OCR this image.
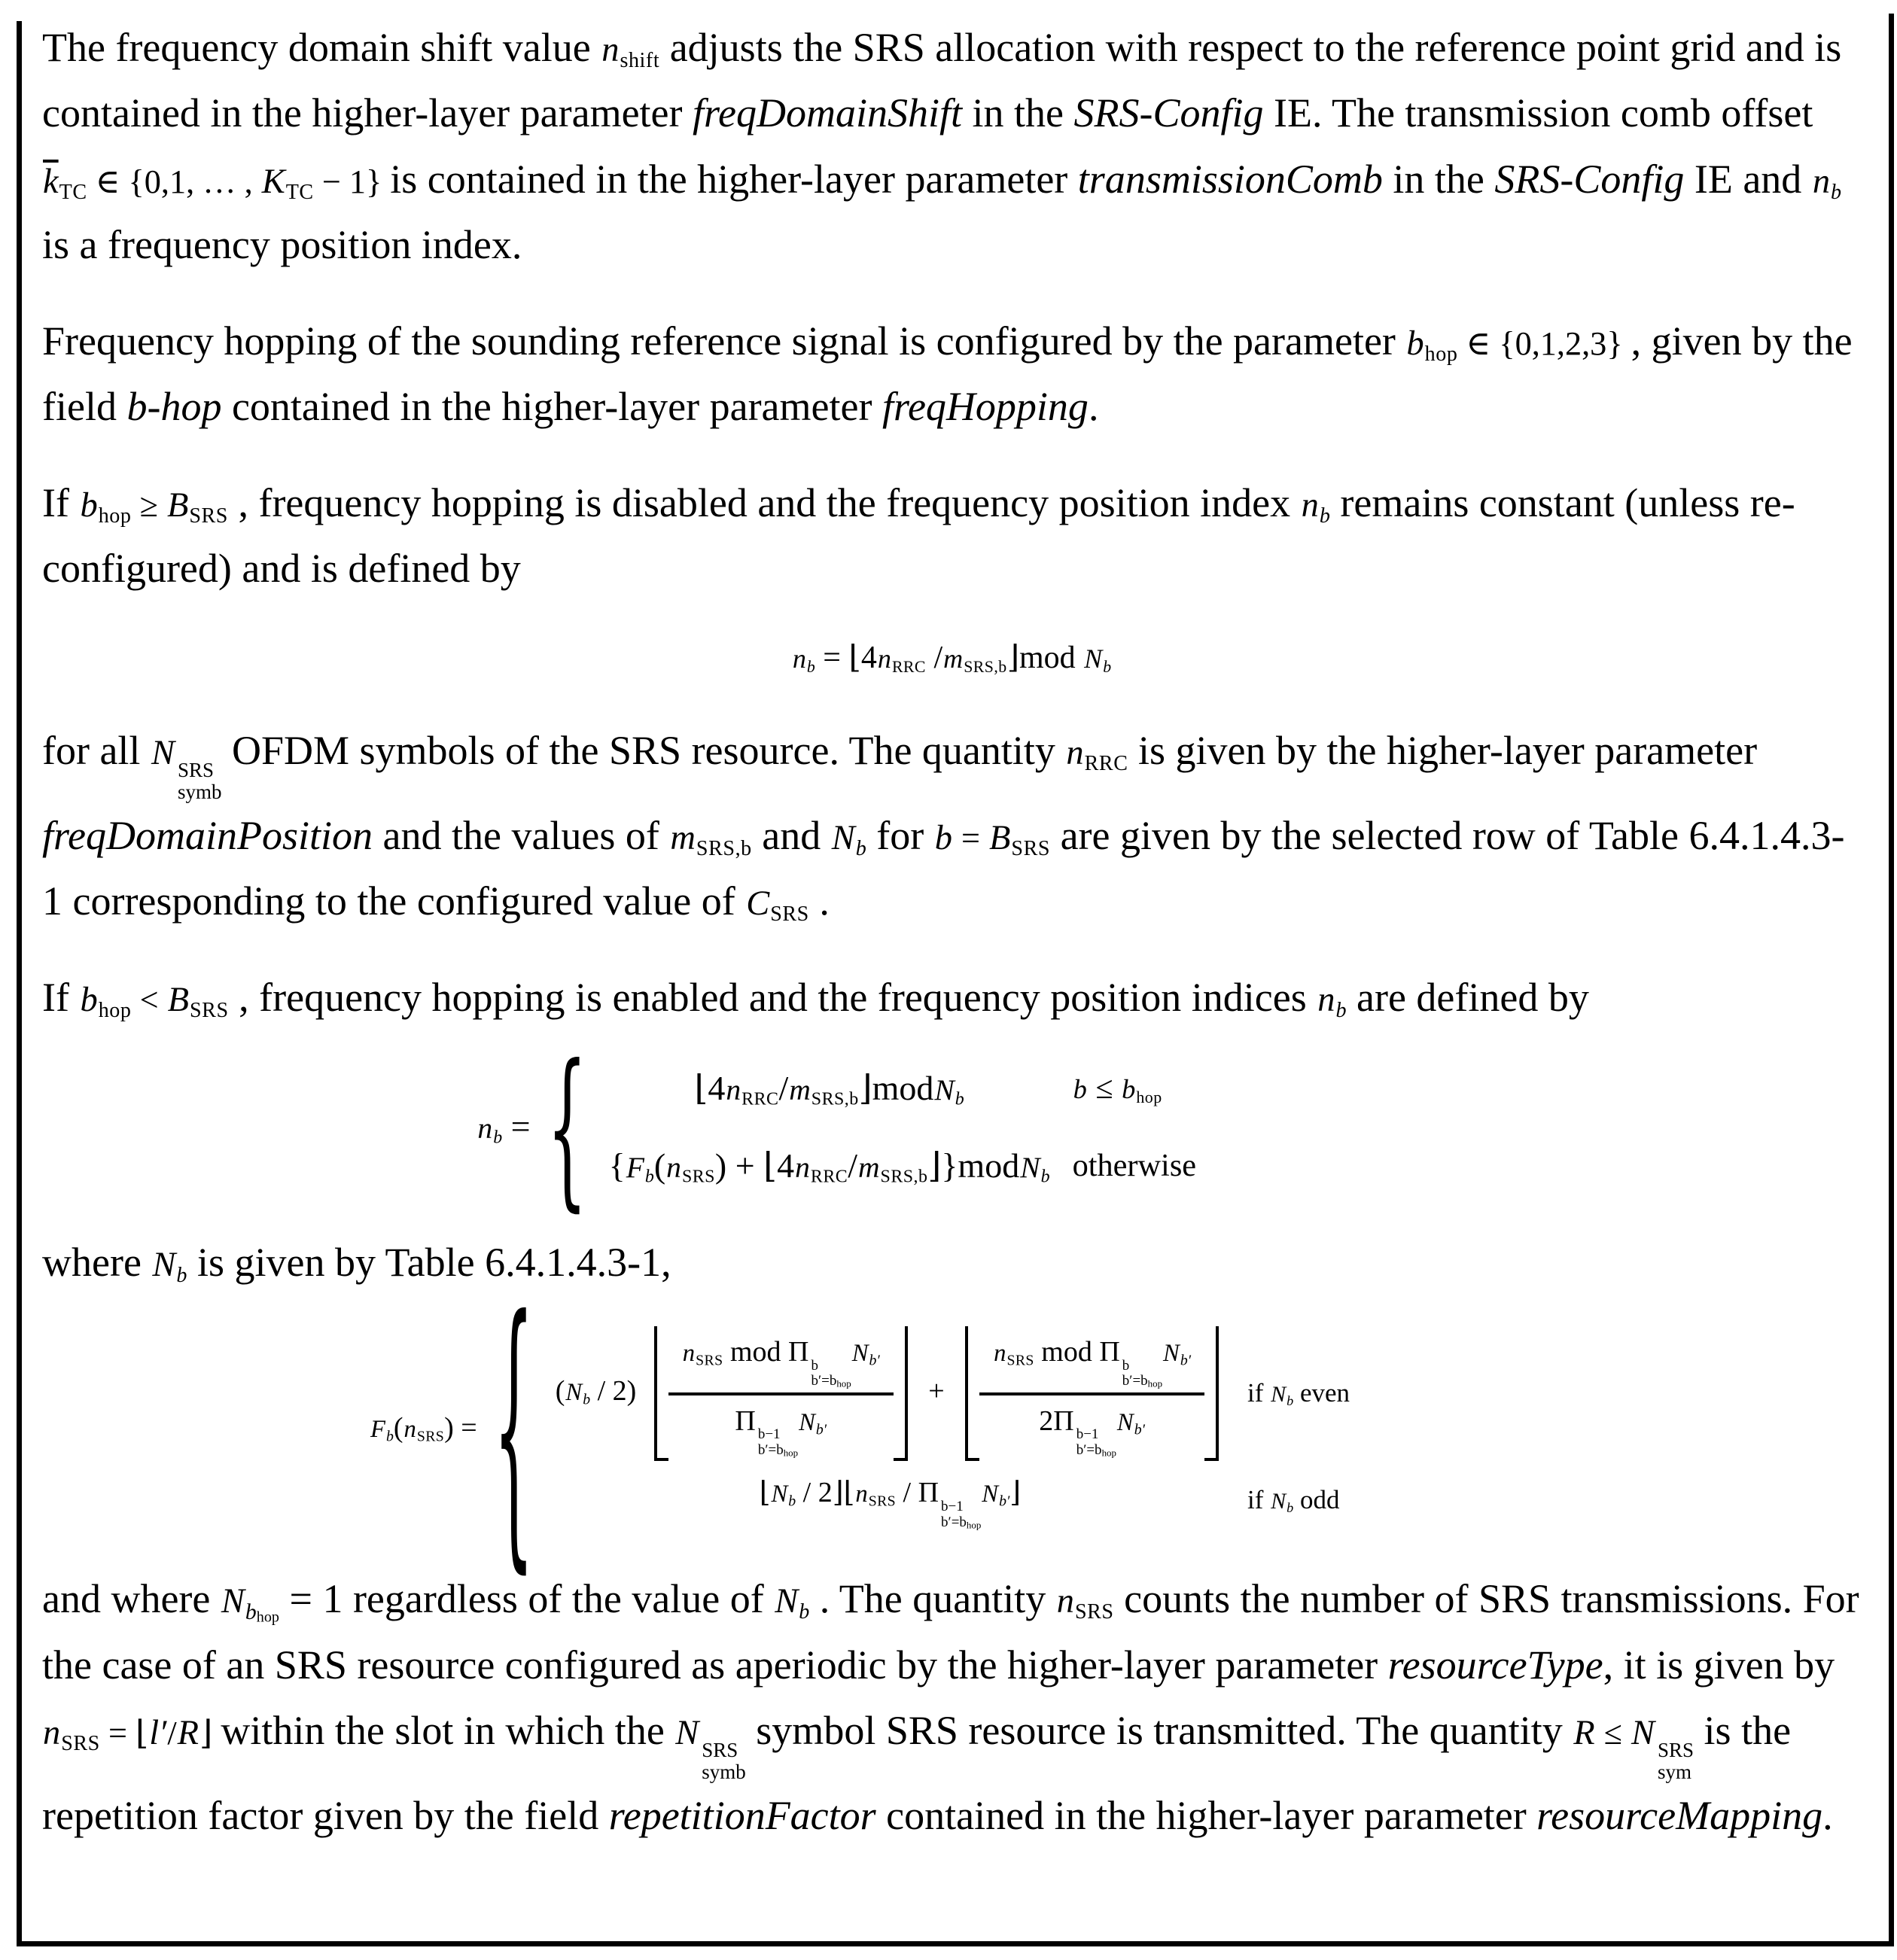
The frequency domain shift value nshift adjusts the SRS allocation with respect to the reference point grid and is contained in the higher-layer parameter freqDomainShift in the SRS-Config IE. The transmission comb offset $\overline{k}TC$ ∈ {0,1, … , KTC − 1} is contained in the higher-layer parameter transmissionComb in the SRS-Config IE and nb is a frequency position index.

Frequency hopping of the sounding reference signal is configured by the parameter bhop ∈ {0,1,2,3} , given by the field b-hop contained in the higher-layer parameter freqHopping.

If bhop ≥ BSRS , frequency hopping is disabled and the frequency position index nb remains constant (unless re-configured) and is defined by

nb = ⌊4nRRC /mSRS,b⌋mod Nb

for all N SRS
symb
OFDM symbols of the SRS resource. The quantity nRRC is given by the higher-layer parameter freqDomainPosition and the values of mSRS,b and Nb for b = BSRS are given by the selected row of Table 6.4.1.4.3-1 corresponding to the configured value of CSRS .

If bhop < BSRS , frequency hopping is enabled and the frequency position indices nb are defined by

nb = {	⌊4nRRC/mSRS,b⌋modNb	b ≤ bhop
{Fb(nSRS) + ⌊4nRRC/mSRS,b⌋}modNb otherwise

where Nb is given by Table 6.4.1.4.3-1,

Fb(nSRS) = { (Nb / 2) nSRS mod Π b
b′=bhop
Nb′
Π b−1
b′=bhop
Nb′ + nSRS mod Π b
b′=bhop
Nb′
2Π b−1
b′=bhop
Nb′ if Nb even
⌊Nb / 2⌋⌊nSRS / Π b−1
b′=bhop
Nb′⌋	if Nb odd

and where Nbhop = 1 regardless of the value of Nb . The quantity nSRS counts the number of SRS transmissions. For the case of an SRS resource configured as aperiodic by the higher-layer parameter resourceType, it is given by nSRS = ⌊l′/R⌋ within the slot in which the N SRS
symb
symbol SRS resource is transmitted. The quantity R ≤ N SRS
sym
is the repetition factor given by the field repetitionFactor contained in the higher-layer parameter resourceMapping.
